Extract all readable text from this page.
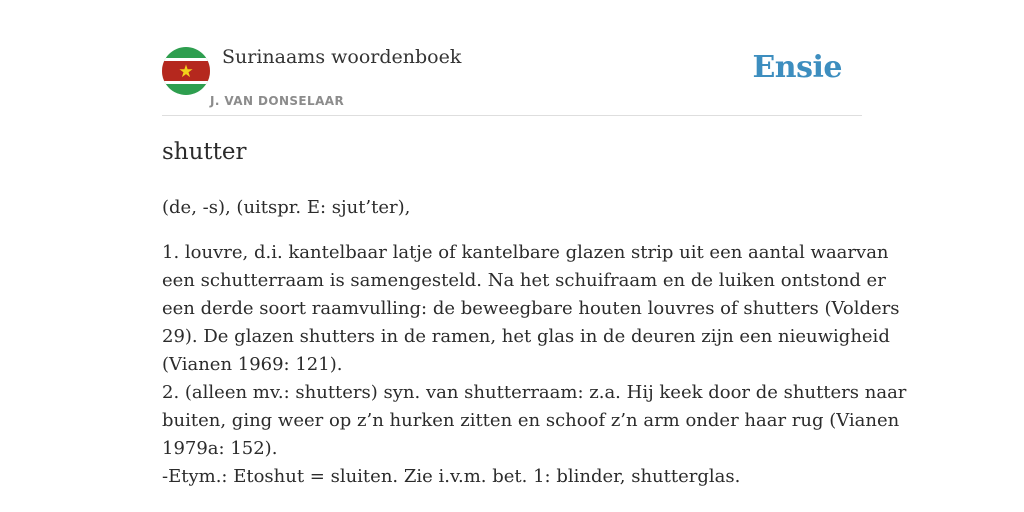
Surinaams woordenboek
J. VAN DONSELAAR
Ensie
shutter

(de, -s), (uitspr. E: sjut’ter),

1. louvre, d.i. kantelbaar latje of kantelbare glazen strip uit een aantal waarvan
een schutterraam is samengesteld. Na het schuifraam en de luiken ontstond er
een derde soort raamvulling: de beweegbare houten louvres of shutters (Volders
29). De glazen shutters in de ramen, het glas in de deuren zijn een nieuwigheid
(Vianen 1969: 121).
2. (alleen mv.: shutters) syn. van shutterraam: z.a. Hij keek door de shutters naar
buiten, ging weer op z’n hurken zitten en schoof z’n arm onder haar rug (Vianen
1979a: 152).
-Etym.: Etoshut = sluiten. Zie i.v.m. bet. 1: blinder, shutterglas.
